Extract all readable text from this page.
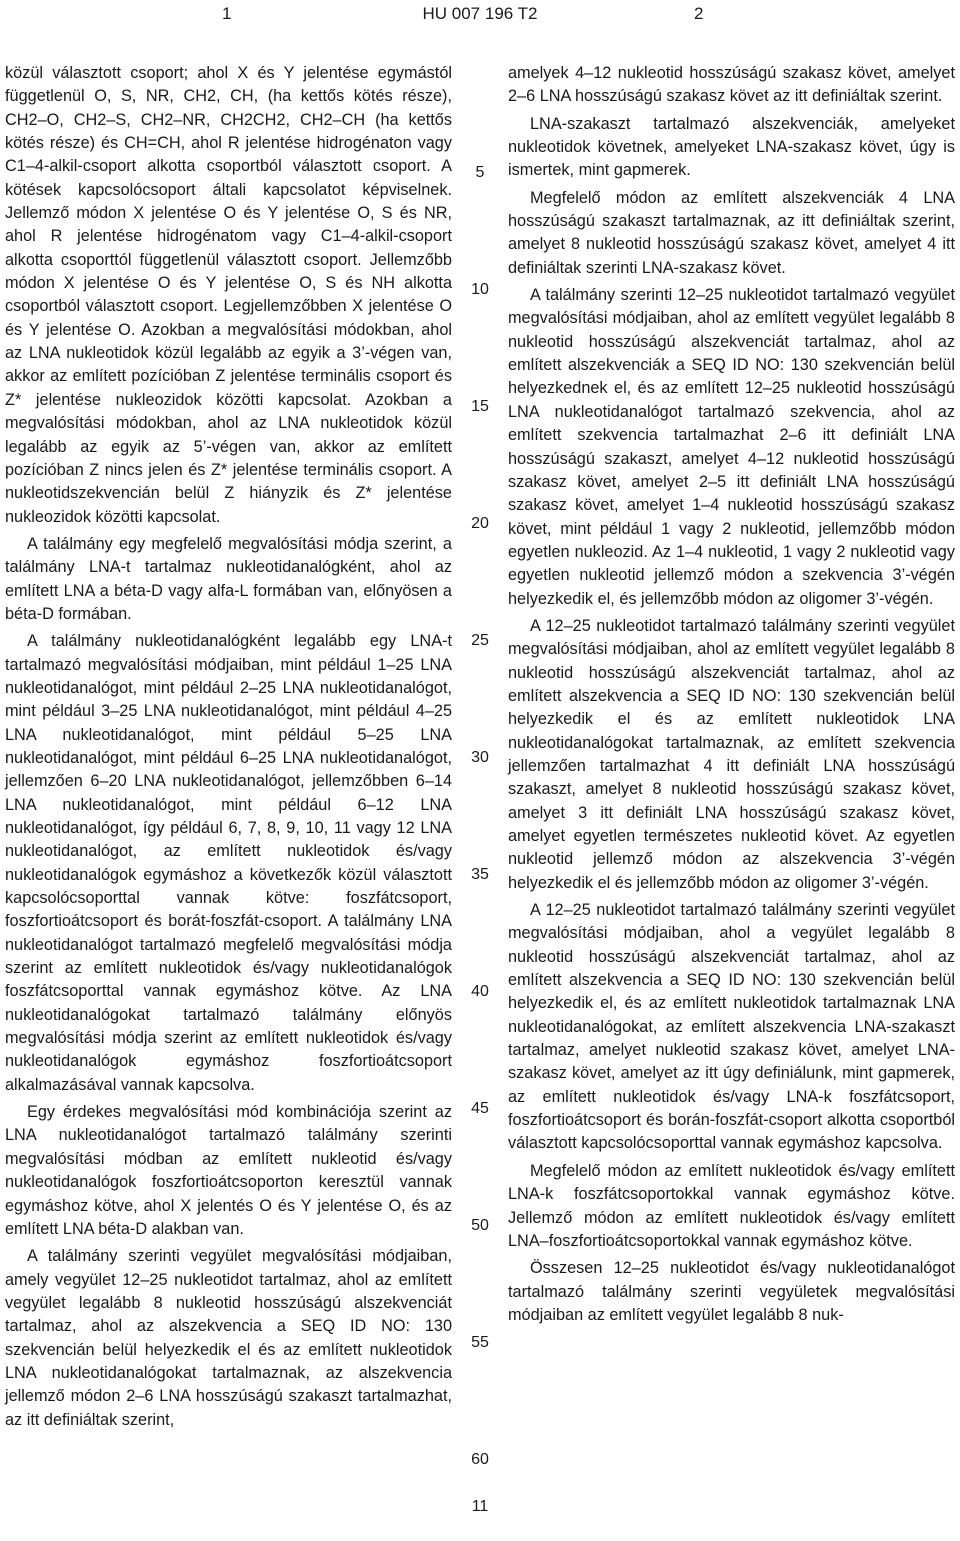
1	HU 007 196 T2	2

közül választott csoport; ahol X és Y jelentése egymástól függetlenül O, S, NR, CH2, CH, (ha kettős kötés része), CH2–O, CH2–S, CH2–NR, CH2CH2, CH2–CH (ha kettős kötés része) és CH=CH, ahol R jelentése hidrogénaton vagy C1–4-alkil-csoport alkotta csoportból választott csoport. A kötések kapcsolócsoport általi kapcsolatot képviselnek. Jellemző módon X jelentése O és Y jelentése O, S és NR, ahol R jelentése hidrogénatom vagy C1–4-alkil-csoport alkotta csoporttól függetlenül választott csoport. Jellemzőbb módon X jelentése O és Y jelentése O, S és NH alkotta csoportból választott csoport. Legjellemzőbben X jelentése O és Y jelentése O. Azokban a megvalósítási módokban, ahol az LNA nukleotidok közül legalább az egyik a 3’-végen van, akkor az említett pozícióban Z jelentése terminális csoport és Z* jelentése nukleozidok közötti kapcsolat. Azokban a megvalósítási módokban, ahol az LNA nukleotidok közül legalább az egyik az 5’-végen van, akkor az említett pozícióban Z nincs jelen és Z* jelentése terminális csoport. A nukleotidszekvencián belül Z hiányzik és Z* jelentése nukleozidok közötti kapcsolat.

A találmány egy megfelelő megvalósítási módja szerint, a találmány LNA-t tartalmaz nukleotidanalógként, ahol az említett LNA a béta-D vagy alfa-L formában van, előnyösen a béta-D formában.

A találmány nukleotidanalógként legalább egy LNA-t tartalmazó megvalósítási módjaiban, mint például 1–25 LNA nukleotidanalógot, mint például 2–25 LNA nukleotidanalógot, mint például 3–25 LNA nukleotidanalógot, mint például 4–25 LNA nukleotidanalógot, mint például 5–25 LNA nukleotidanalógot, mint például 6–25 LNA nukleotidanalógot, jellemzően 6–20 LNA nukleotidanalógot, jellemzőbben 6–14 LNA nukleotidanalógot, mint például 6–12 LNA nukleotidanalógot, így például 6, 7, 8, 9, 10, 11 vagy 12 LNA nukleotidanalógot, az említett nukleotidok és/vagy nukleotidanalógok egymáshoz a következők közül választott kapcsolócsoporttal vannak kötve: foszfátcsoport, foszfortioátcsoport és borát-foszfát-csoport. A találmány LNA nukleotidanalógot tartalmazó megfelelő megvalósítási módja szerint az említett nukleotidok és/vagy nukleotidanalógok foszfátcsoporttal vannak egymáshoz kötve. Az LNA nukleotidanalógokat tartalmazó találmány előnyös megvalósítási módja szerint az említett nukleotidok és/vagy nukleotidanalógok egymáshoz foszfortioátcsoport alkalmazásával vannak kapcsolva.

Egy érdekes megvalósítási mód kombinációja szerint az LNA nukleotidanalógot tartalmazó találmány szerinti megvalósítási módban az említett nukleotid és/vagy nukleotidanalógok foszfortioátcsoporton keresztül vannak egymáshoz kötve, ahol X jelentés O és Y jelentése O, és az említett LNA béta-D alakban van.

A találmány szerinti vegyület megvalósítási módjaiban, amely vegyület 12–25 nukleotidot tartalmaz, ahol az említett vegyület legalább 8 nukleotid hosszúságú alszekvenciát tartalmaz, ahol az alszekvencia a SEQ ID NO: 130 szekvencián belül helyezkedik el és az említett nukleotidok LNA nukleotidanalógokat tartalmaznak, az alszekvencia jellemző módon 2–6 LNA hosszúságú szakaszt tartalmazhat, az itt definiáltak szerint,

5
10
15
20
25
30
35
40
45
50
55
60

amelyek 4–12 nukleotid hosszúságú szakasz követ, amelyet 2–6 LNA hosszúságú szakasz követ az itt definiáltak szerint.

LNA-szakaszt tartalmazó alszekvenciák, amelyeket nukleotidok követnek, amelyeket LNA-szakasz követ, úgy is ismertek, mint gapmerek.

Megfelelő módon az említett alszekvenciák 4 LNA hosszúságú szakaszt tartalmaznak, az itt definiáltak szerint, amelyet 8 nukleotid hosszúságú szakasz követ, amelyet 4 itt definiáltak szerinti LNA-szakasz követ.

A találmány szerinti 12–25 nukleotidot tartalmazó vegyület megvalósítási módjaiban, ahol az említett vegyület legalább 8 nukleotid hosszúságú alszekvenciát tartalmaz, ahol az említett alszekvenciák a SEQ ID NO: 130 szekvencián belül helyezkednek el, és az említett 12–25 nukleotid hosszúságú LNA nukleotidanalógot tartalmazó szekvencia, ahol az említett szekvencia tartalmazhat 2–6 itt definiált LNA hosszúságú szakaszt, amelyet 4–12 nukleotid hosszúságú szakasz követ, amelyet 2–5 itt definiált LNA hosszúságú szakasz követ, amelyet 1–4 nukleotid hosszúságú szakasz követ, mint például 1 vagy 2 nukleotid, jellemzőbb módon egyetlen nukleozid. Az 1–4 nukleotid, 1 vagy 2 nukleotid vagy egyetlen nukleotid jellemző módon a szekvencia 3’-végén helyezkedik el, és jellemzőbb módon az oligomer 3’-végén.

A 12–25 nukleotidot tartalmazó találmány szerinti vegyület megvalósítási módjaiban, ahol az említett vegyület legalább 8 nukleotid hosszúságú alszekvenciát tartalmaz, ahol az említett alszekvencia a SEQ ID NO: 130 szekvencián belül helyezkedik el és az említett nukleotidok LNA nukleotidanalógokat tartalmaznak, az említett szekvencia jellemzően tartalmazhat 4 itt definiált LNA hosszúságú szakaszt, amelyet 8 nukleotid hosszúságú szakasz követ, amelyet 3 itt definiált LNA hosszúságú szakasz követ, amelyet egyetlen természetes nukleotid követ. Az egyetlen nukleotid jellemző módon az alszekvencia 3’-végén helyezkedik el és jellemzőbb módon az oligomer 3’-végén.

A 12–25 nukleotidot tartalmazó találmány szerinti vegyület megvalósítási módjaiban, ahol a vegyület legalább 8 nukleotid hosszúságú alszekvenciát tartalmaz, ahol az említett alszekvencia a SEQ ID NO: 130 szekvencián belül helyezkedik el, és az említett nukleotidok tartalmaznak LNA nukleotidanalógokat, az említett alszekvencia LNA-szakaszt tartalmaz, amelyet nukleotid szakasz követ, amelyet LNA-szakasz követ, amelyet az itt úgy definiálunk, mint gapmerek, az említett nukleotidok és/vagy LNA-k foszfátcsoport, foszfortioátcsoport és borán-foszfát-csoport alkotta csoportból választott kapcsolócsoporttal vannak egymáshoz kapcsolva.

Megfelelő módon az említett nukleotidok és/vagy említett LNA-k foszfátcsoportokkal vannak egymáshoz kötve. Jellemző módon az említett nukleotidok és/vagy említett LNA–foszfortioátcsoportokkal vannak egymáshoz kötve.

Összesen 12–25 nukleotidot és/vagy nukleotidanalógot tartalmazó találmány szerinti vegyületek megvalósítási módjaiban az említett vegyület legalább 8 nuk-

11
